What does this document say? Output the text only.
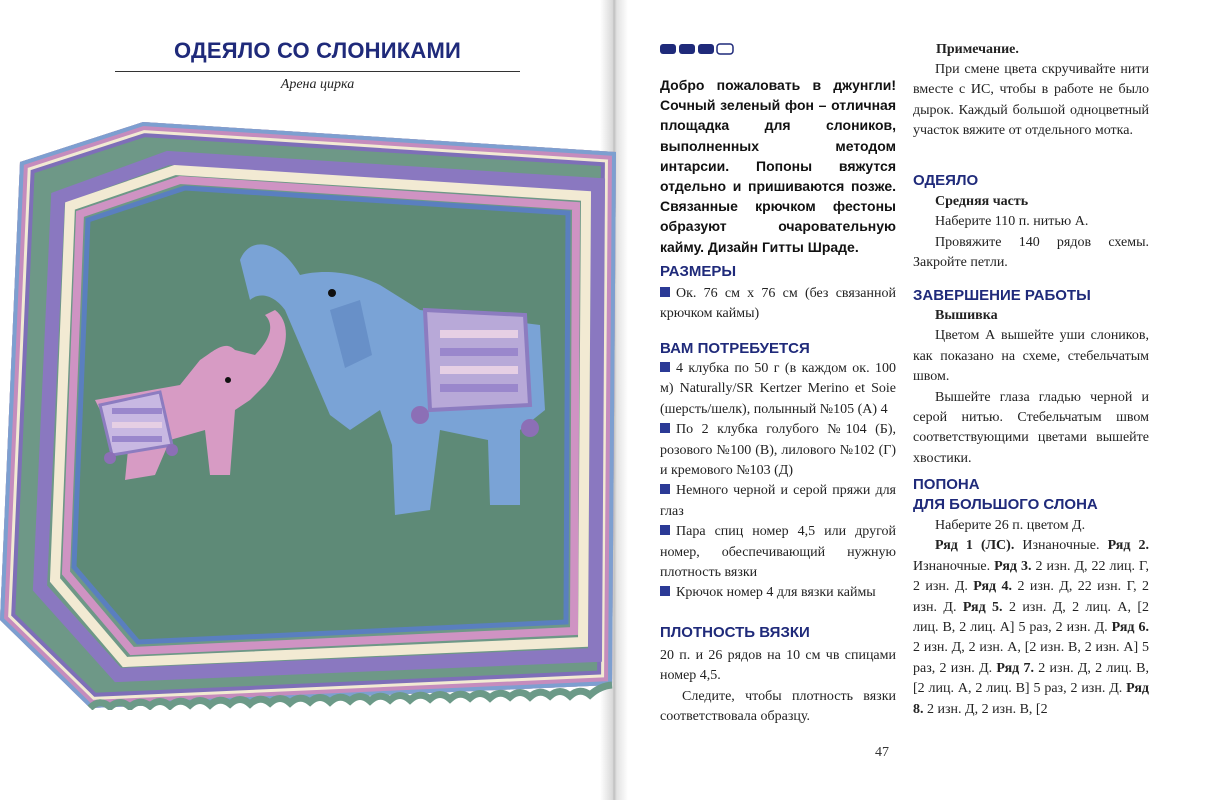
ОДЕЯЛО СО СЛОНИКАМИ
Арена цирка	Добро пожаловать в джунгли! Сочный зеленый фон – отличная площадка для слоников, выполненных методом интарсии. Попоны вяжутся отдельно и пришиваются позже. Связанные крючком фестоны образуют очаровательную кайму. Дизайн Гитты Шраде.
РАЗМЕРЫ
Ок. 76 см х 76 см (без связанной крючком каймы)
ВАМ ПОТРЕБУЕТСЯ

4 клубка по 50 г (в каждом ок. 100 м) Naturally/SR Kertzer Merino et Soie (шерсть/шелк), полынный №105 (А) 4

По 2 клубка голубого №104 (Б), розового №100 (В), лилового №102 (Г) и кремового №103 (Д)

Немного черной и серой пряжи для глаз

Пара спиц номер 4,5 или другой номер, обеспечивающий нужную плотность вязки

Крючок номер 4 для вязки каймы

ПЛОТНОСТЬ ВЯЗКИ

20 п. и 26 рядов на 10 см чв спицами номер 4,5.

Следите, чтобы плотность вязки соответствовала образцу.

Примечание.
При смене цвета скручивайте нити вместе с ИС, чтобы в работе не было дырок. Каждый большой одноцветный участок вяжите от отдельного мотка.
ОДЕЯЛО

Средняя часть

Наберите 110 п. нитью А.

Провяжите 140 рядов схемы. Закройте петли.

ЗАВЕРШЕНИЕ РАБОТЫ

Вышивка

Цветом А вышейте уши слоников, как показано на схеме, стебельчатым швом.

Вышейте глаза гладью черной и серой нитью. Стебельчатым швом соответствующими цветами вышейте хвостики.

ПОПОНА
ДЛЯ БОЛЬШОГО СЛОНА

Наберите 26 п. цветом Д.

Ряд 1 (ЛС). Изнаночные. Ряд 2. Изнаночные. Ряд 3. 2 изн. Д, 22 лиц. Г, 2 изн. Д. Ряд 4. 2 изн. Д, 22 изн. Г, 2 изн. Д. Ряд 5. 2 изн. Д, 2 лиц. А, [2 лиц. В, 2 лиц. А] 5 раз, 2 изн. Д. Ряд 6. 2 изн. Д, 2 изн. А, [2 изн. В, 2 изн. А] 5 раз, 2 изн. Д. Ряд 7. 2 изн. Д, 2 лиц. В, [2 лиц. А, 2 лиц. В] 5 раз, 2 изн. Д. Ряд 8. 2 изн. Д, 2 изн. В, [2

47
